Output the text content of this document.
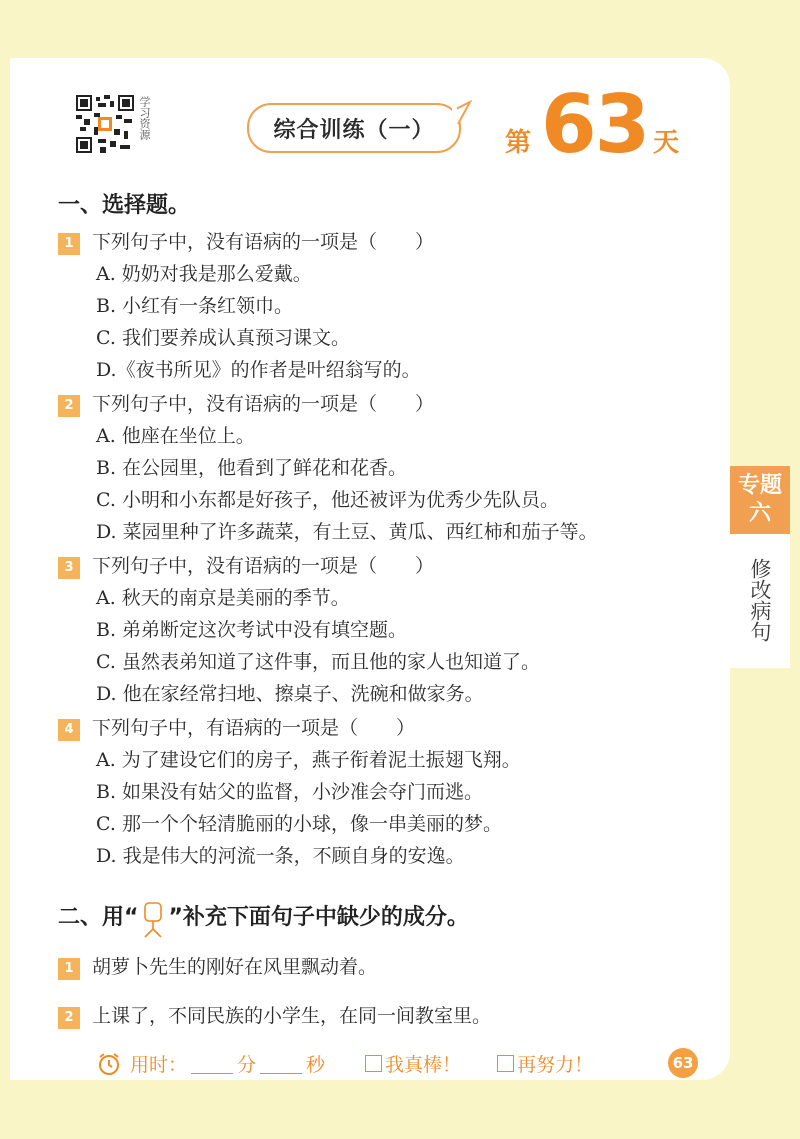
学习资源	综合训练（一）	第 63 天
专题六
修改病句
一、选择题。
1 下列句子中，没有语病的一项是（　　）
A. 奶奶对我是那么爱戴。
B. 小红有一条红领巾。
C. 我们要养成认真预习课文。
D.《夜书所见》的作者是叶绍翁写的。
2 下列句子中，没有语病的一项是（　　）
A. 他座在坐位上。
B. 在公园里，他看到了鲜花和花香。
C. 小明和小东都是好孩子，他还被评为优秀少先队员。
D. 菜园里种了许多蔬菜，有土豆、黄瓜、西红柿和茄子等。
3 下列句子中，没有语病的一项是（　　）
A. 秋天的南京是美丽的季节。
B. 弟弟断定这次考试中没有填空题。
C. 虽然表弟知道了这件事，而且他的家人也知道了。
D. 他在家经常扫地、擦桌子、洗碗和做家务。
4 下列句子中，有语病的一项是（　　）
A. 为了建设它们的房子，燕子衔着泥土振翅飞翔。
B. 如果没有姑父的监督，小沙准会夺门而逃。
C. 那一个个轻清脆丽的小球，像一串美丽的梦。
D. 我是伟大的河流一条，不顾自身的安逸。
二、用“ ”补充下面句子中缺少的成分。
1 胡萝卜先生的刚好在风里飘动着。
2 上课了，不同民族的小学生，在同一间教室里。
用时：	分	秒	我真棒！	再努力！	63
